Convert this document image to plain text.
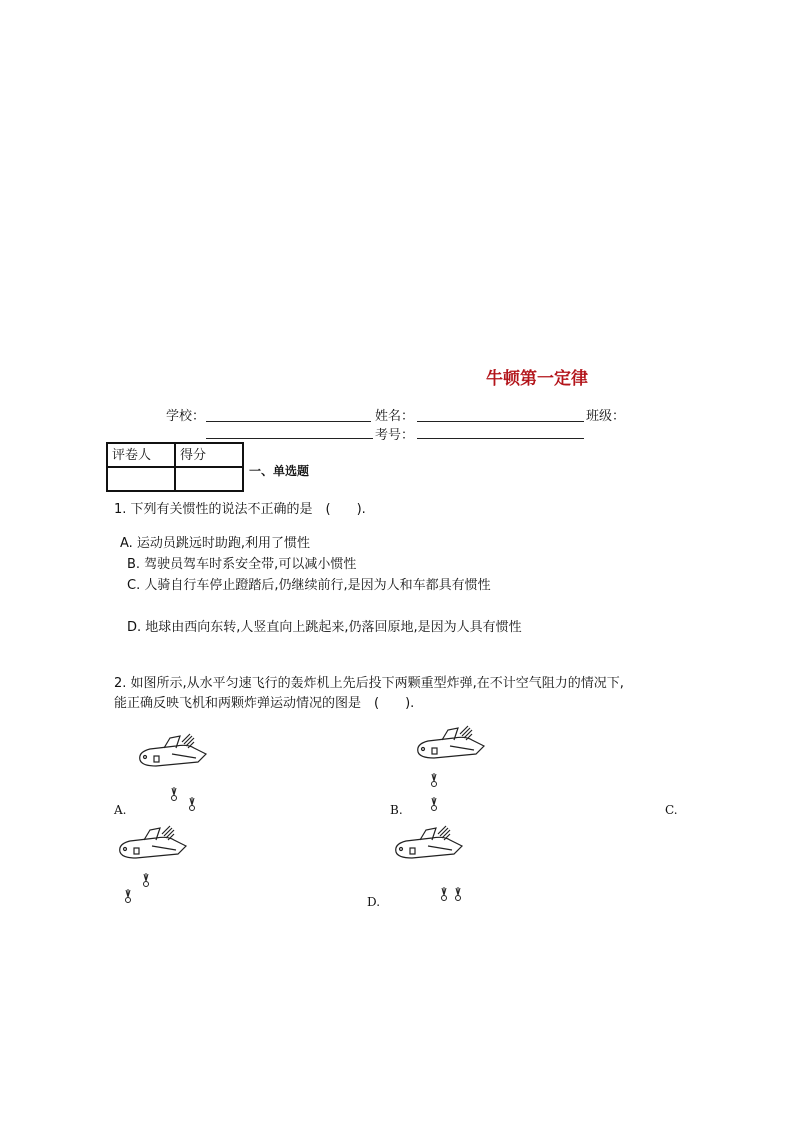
牛顿第一定律
学校：	姓名：	班级：
考号：
评卷人	得分

一、单选题
1. 下列有关惯性的说法不正确的是　(　　).
A. 运动员跳远时助跑,利用了惯性
B. 驾驶员驾车时系安全带,可以减小惯性
C. 人骑自行车停止蹬踏后,仍继续前行,是因为人和车都具有惯性
D. 地球由西向东转,人竖直向上跳起来,仍落回原地,是因为人具有惯性
2. 如图所示,从水平匀速飞行的轰炸机上先后投下两颗重型炸弹,在不计空气阻力的情况下,
能正确反映飞机和两颗炸弹运动情况的图是　(　　).
A.	B.	C.
D.
